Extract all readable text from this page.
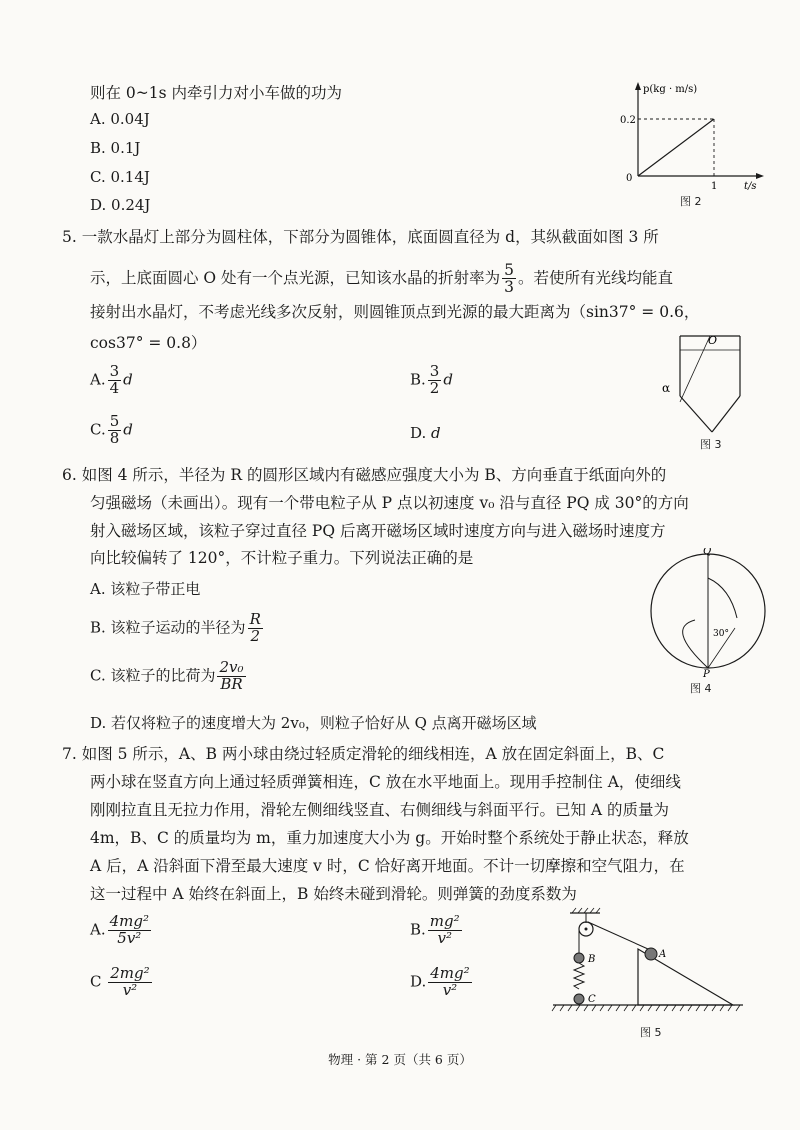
则在 0~1s 内牵引力对小车做的功为
A. 0.04J
B. 0.1J
C. 0.14J
D. 0.24J
p(kg · m/s)
0.2
0
1	t/s
图 2
5. 一款水晶灯上部分为圆柱体，下部分为圆锥体，底面圆直径为 d，其纵截面如图 3 所
示，上底面圆心 O 处有一个点光源，已知该水晶的折射率为 $\frac{5}{3}$ 。若使所有光线均能直
接射出水晶灯，不考虑光线多次反射，则圆锥顶点到光源的最大距离为（sin37° = 0.6，
cos37° = 0.8）
A. $\frac{3}{4}$ d	B. $\frac{3}{2}$ d
C. $\frac{5}{8}$ d	D. d
O
α
图 3
6. 如图 4 所示，半径为 R 的圆形区域内有磁感应强度大小为 B、方向垂直于纸面向外的
匀强磁场（未画出）。现有一个带电粒子从 P 点以初速度 v₀ 沿与直径 PQ 成 30°的方向
射入磁场区域，该粒子穿过直径 PQ 后离开磁场区域时速度方向与进入磁场时速度方
向比较偏转了 120°，不计粒子重力。下列说法正确的是
A. 该粒子带正电
B. 该粒子运动的半径为 $\frac{R}{2}$
C. 该粒子的比荷为 $\frac{\text{2v₀}}{BR}$
D. 若仅将粒子的速度增大为 2v₀，则粒子恰好从 Q 点离开磁场区域
Q
P
30°
图 4
7. 如图 5 所示，A、B 两小球由绕过轻质定滑轮的细线相连，A 放在固定斜面上，B、C
两小球在竖直方向上通过轻质弹簧相连，C 放在水平地面上。现用手控制住 A，使细线
刚刚拉直且无拉力作用，滑轮左侧细线竖直、右侧细线与斜面平行。已知 A 的质量为
4m，B、C 的质量均为 m，重力加速度大小为 g。开始时整个系统处于静止状态，释放
A 后，A 沿斜面下滑至最大速度 v 时，C 恰好离开地面。不计一切摩擦和空气阻力，在
这一过程中 A 始终在斜面上，B 始终未碰到滑轮。则弹簧的劲度系数为
A. $\frac{\text{4mg²}}{\text{5v²}}$	B. $\frac{\text{mg²}}{\text{v²}}$
C $\frac{\text{2mg²}}{\text{v²}}$	D. $\frac{\text{4mg²}}{\text{v²}}$
A
B
C
图 5
物理 · 第 2 页（共 6 页）
